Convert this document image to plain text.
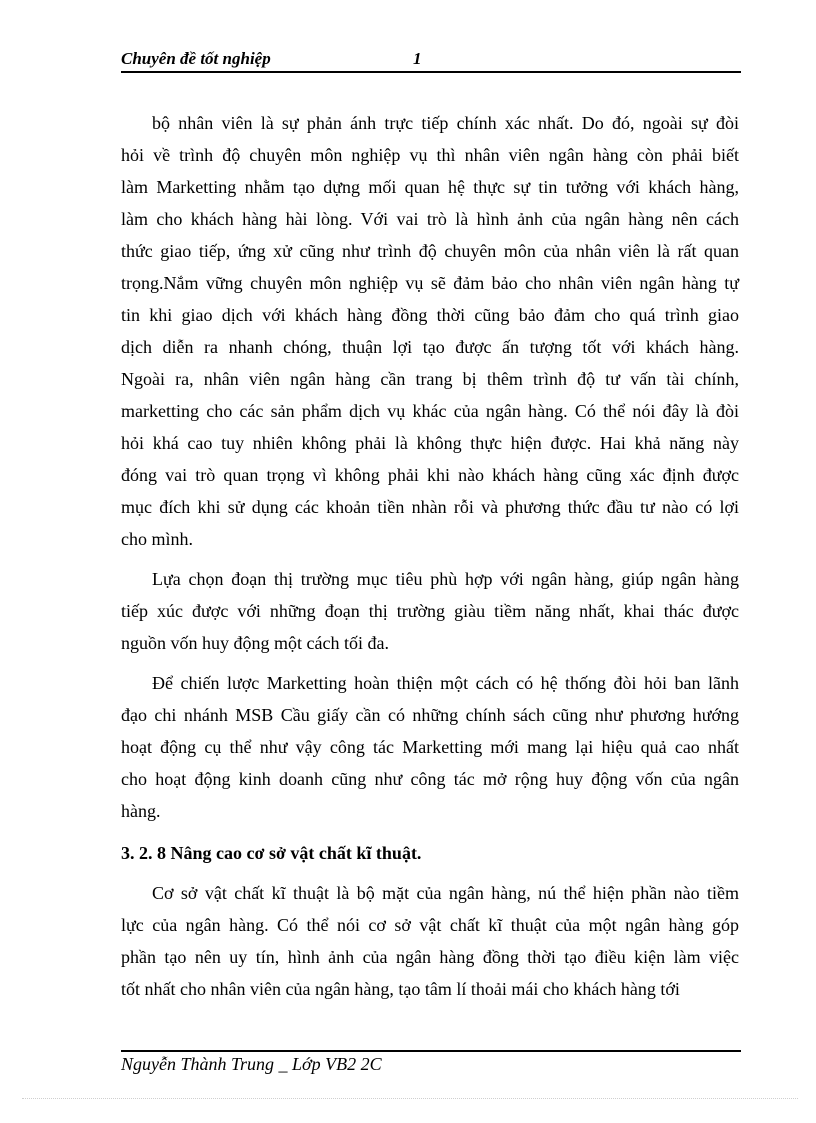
Chuyên đề tốt nghiệp	1
bộ nhân viên là sự phản ánh trực tiếp chính xác nhất. Do đó, ngoài sự đòi
hỏi về trình độ chuyên môn nghiệp vụ thì nhân viên ngân hàng còn phải biết
làm Marketting nhằm tạo dựng mối quan hệ thực sự tin tưởng với khách hàng,
làm cho khách hàng hài lòng. Với vai trò là hình ảnh của ngân hàng nên cách
thức giao tiếp, ứng xử cũng như trình độ chuyên môn của nhân viên là rất quan
trọng.Nắm vững chuyên môn nghiệp vụ sẽ đảm bảo cho nhân viên ngân hàng tự
tin khi giao dịch với khách hàng đồng thời cũng bảo đảm cho quá trình giao
dịch diễn ra nhanh chóng, thuận lợi tạo được ấn tượng tốt với khách hàng.
Ngoài ra, nhân viên ngân hàng cần trang bị thêm trình độ tư vấn tài chính,
marketting cho các sản phẩm dịch vụ khác của ngân hàng. Có thể nói đây là đòi
hỏi khá cao tuy nhiên không phải là không thực hiện được. Hai khả năng này
đóng vai trò quan trọng vì không phải khi nào khách hàng cũng xác định được
mục đích khi sử dụng các khoản tiền nhàn rỗi và phương thức đầu tư nào có lợi
cho mình.
Lựa chọn đoạn thị trường mục tiêu phù hợp với ngân hàng, giúp ngân hàng
tiếp xúc được với những đoạn thị trường giàu tiềm năng nhất, khai thác được
nguồn vốn huy động một cách tối đa.
Để chiến lược Marketting hoàn thiện một cách có hệ thống đòi hỏi ban lãnh
đạo chi nhánh MSB Cầu giấy cần có những chính sách cũng như phương hướng
hoạt động cụ thể như vậy công tác Marketting mới mang lại hiệu quả cao nhất
cho hoạt động kinh doanh cũng như công tác mở rộng huy động vốn của ngân
hàng.
3. 2. 8 Nâng cao cơ sở vật chất kĩ thuật.
Cơ sở vật chất kĩ thuật là bộ mặt của ngân hàng, nú thể hiện phần nào tiềm
lực của ngân hàng. Có thể nói cơ sở vật chất kĩ thuật của một ngân hàng góp
phần tạo nên uy tín, hình ảnh của ngân hàng đồng thời tạo điều kiện làm việc
tốt nhất cho nhân viên của ngân hàng, tạo tâm lí thoải mái cho khách hàng tới
Nguyễn Thành Trung _ Lớp VB2 2C
